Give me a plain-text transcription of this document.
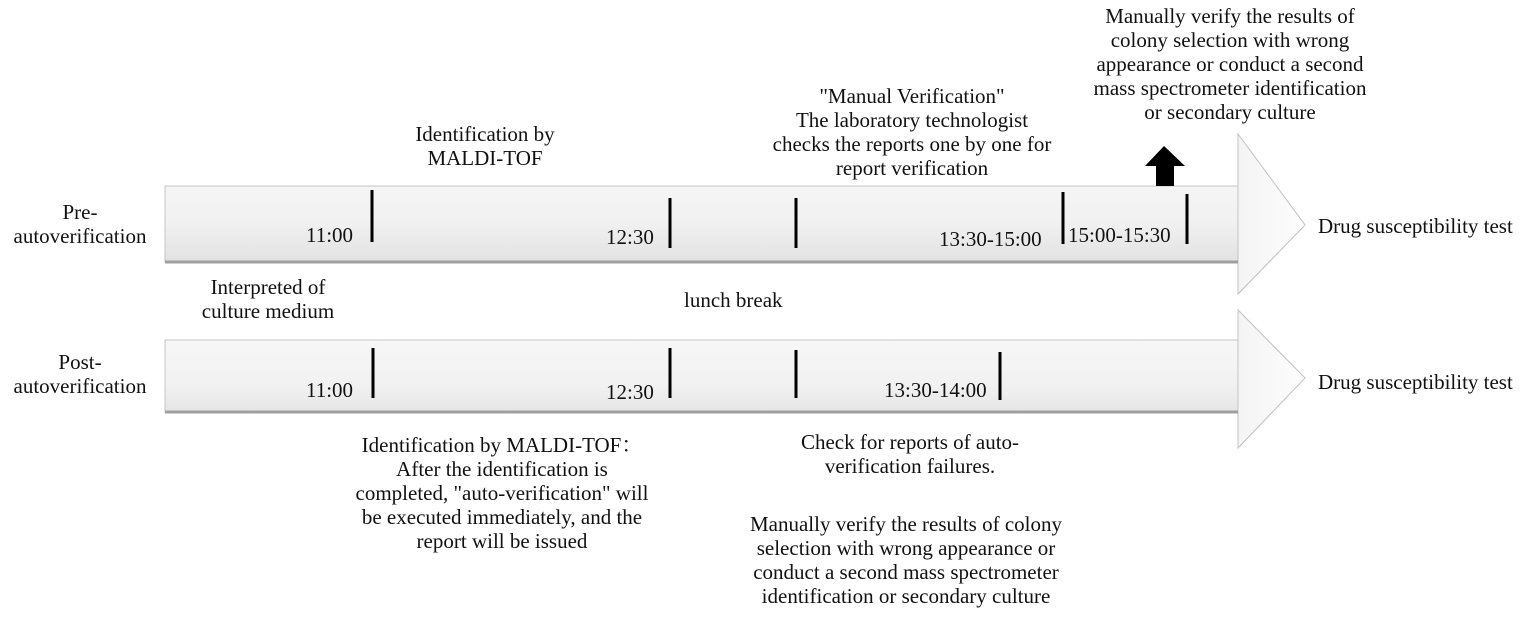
Pre-
autoverification
Post-
autoverification
11:00	12:30	13:30-15:00 15:00-15:30
11:00	12:30	13:30-14:00
Drug susceptibility test
Drug susceptibility test
Identification by
MALDI-TOF
"Manual Verification"
The laboratory technologist
checks the reports one by one for
report verification
Manually verify the results of
colony selection with wrong
appearance or conduct a second
mass spectrometer identification
or secondary culture
Interpreted of
culture medium	lunch break
Identification by MALDI-TOF：
After the identification is
completed, "auto-verification" will
be executed immediately, and the
report will be issued
Check for reports of auto-
verification failures.
Manually verify the results of colony
selection with wrong appearance or
conduct a second mass spectrometer
identification or secondary culture
